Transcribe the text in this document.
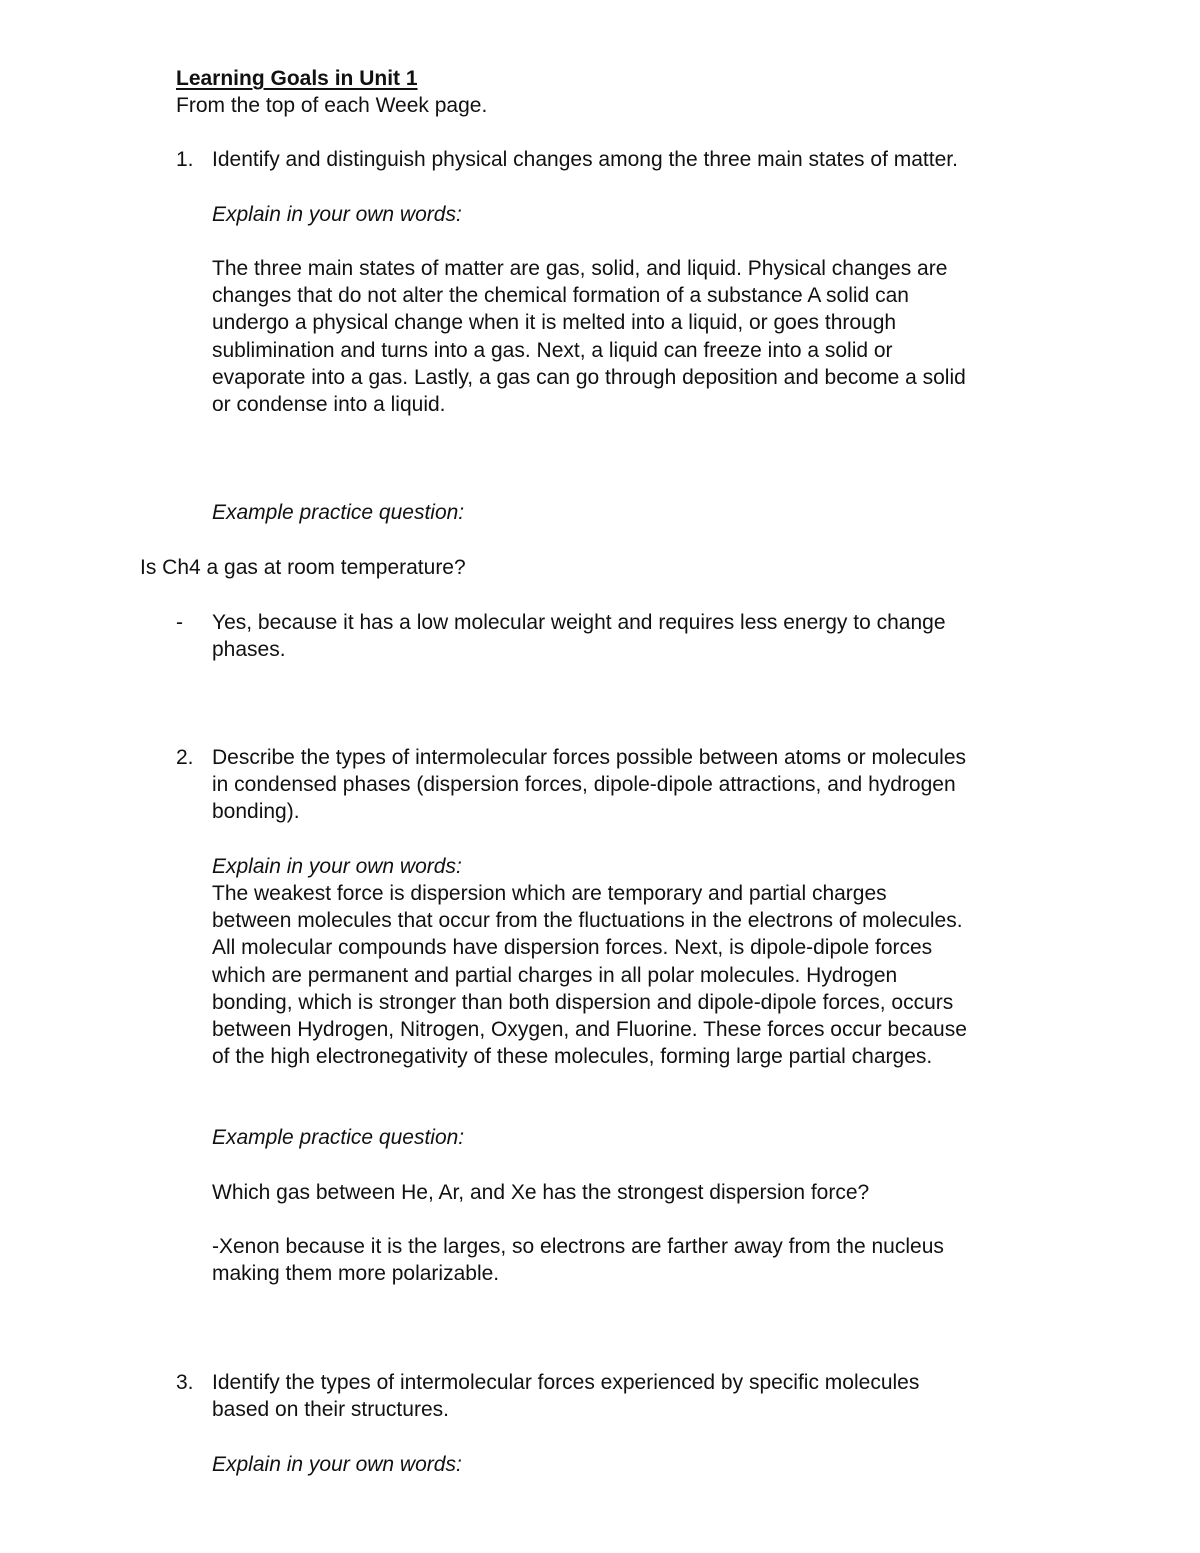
Learning Goals in Unit 1
From the top of each Week page.
1. Identify and distinguish physical changes among the three main states of matter.
Explain in your own words:
The three main states of matter are gas, solid, and liquid. Physical changes are
changes that do not alter the chemical formation of a substance A solid can
undergo a physical change when it is melted into a liquid, or goes through
sublimination and turns into a gas. Next, a liquid can freeze into a solid or
evaporate into a gas. Lastly, a gas can go through deposition and become a solid
or condense into a liquid.
Example practice question:
Is Ch4 a gas at room temperature?
- Yes, because it has a low molecular weight and requires less energy to change
phases.
2. Describe the types of intermolecular forces possible between atoms or molecules
in condensed phases (dispersion forces, dipole-dipole attractions, and hydrogen
bonding).
Explain in your own words:
The weakest force is dispersion which are temporary and partial charges
between molecules that occur from the fluctuations in the electrons of molecules.
All molecular compounds have dispersion forces. Next, is dipole-dipole forces
which are permanent and partial charges in all polar molecules. Hydrogen
bonding, which is stronger than both dispersion and dipole-dipole forces, occurs
between Hydrogen, Nitrogen, Oxygen, and Fluorine. These forces occur because
of the high electronegativity of these molecules, forming large partial charges.
Example practice question:
Which gas between He, Ar, and Xe has the strongest dispersion force?
-Xenon because it is the larges, so electrons are farther away from the nucleus
making them more polarizable.
3. Identify the types of intermolecular forces experienced by specific molecules
based on their structures.
Explain in your own words:
